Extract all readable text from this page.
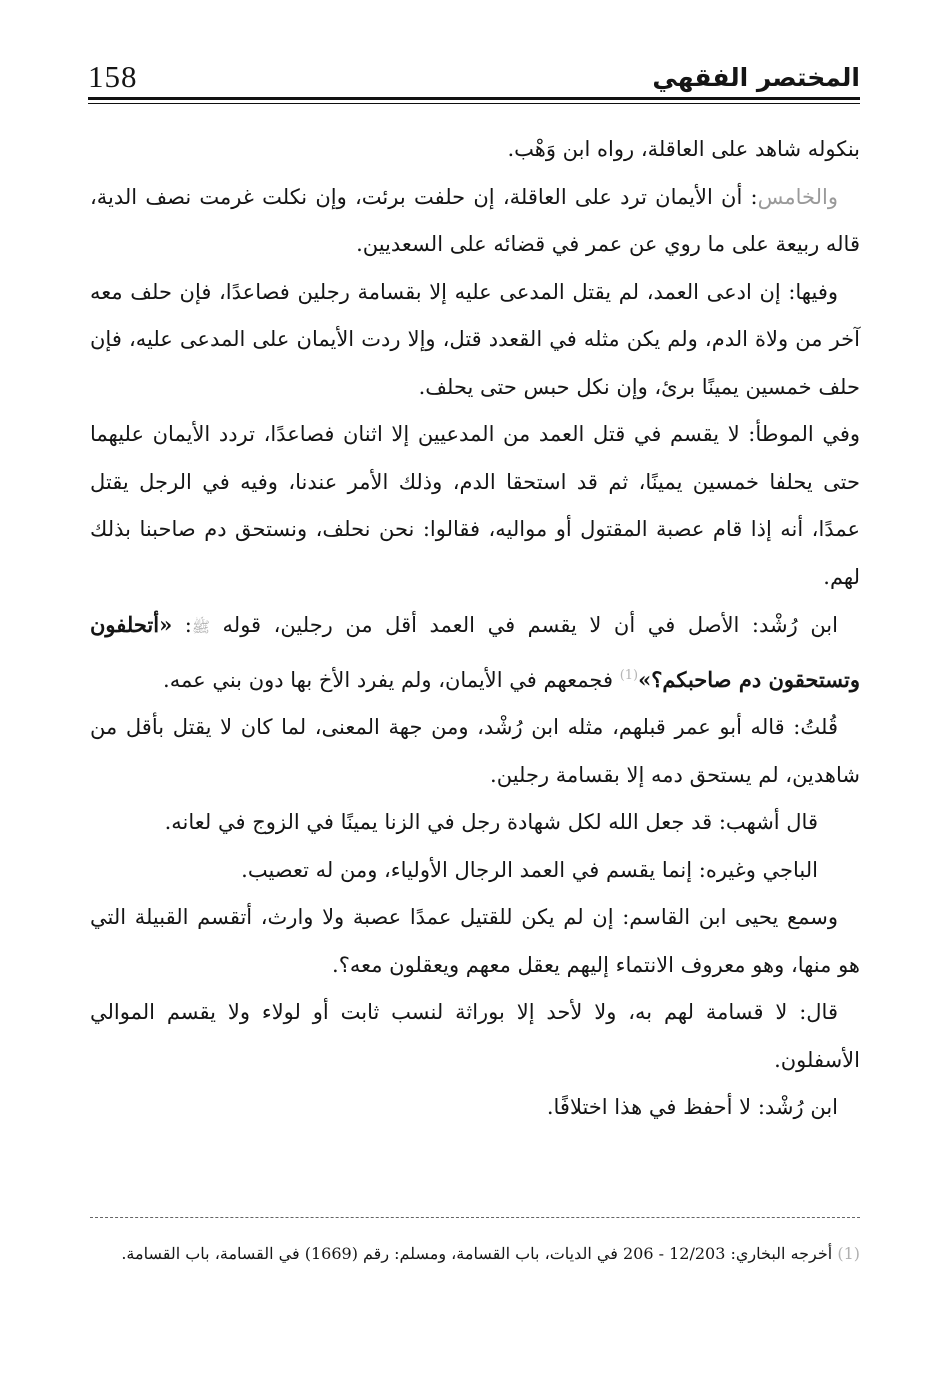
158	المختصر الفقهي

بنكوله شاهد على العاقلة، رواه ابن وَهْب.

والخامس: أن الأيمان ترد على العاقلة، إن حلفت برئت، وإن نكلت غرمت نصف الدية، قاله ربيعة على ما روي عن عمر في قضائه على السعديين.

وفيها: إن ادعى العمد، لم يقتل المدعى عليه إلا بقسامة رجلين فصاعدًا، فإن حلف معه آخر من ولاة الدم، ولم يكن مثله في القعدد قتل، وإلا ردت الأيمان على المدعى عليه، فإن حلف خمسين يمينًا برئ، وإن نكل حبس حتى يحلف.

وفي الموطأ: لا يقسم في قتل العمد من المدعيين إلا اثنان فصاعدًا، تردد الأيمان عليهما حتى يحلفا خمسين يمينًا، ثم قد استحقا الدم، وذلك الأمر عندنا، وفيه في الرجل يقتل عمدًا، أنه إذا قام عصبة المقتول أو مواليه، فقالوا: نحن نحلف، ونستحق دم صاحبنا بذلك لهم.

ابن رُشْد: الأصل في أن لا يقسم في العمد أقل من رجلين، قوله ﷺ: «أتحلفون وتستحقون دم صاحبكم؟»$^{(1)}$ فجمعهم في الأيمان، ولم يفرد الأخ بها دون بني عمه.

قُلتُ: قاله أبو عمر قبلهم، مثله ابن رُشْد، ومن جهة المعنى، لما كان لا يقتل بأقل من شاهدين، لم يستحق دمه إلا بقسامة رجلين.

قال أشهب: قد جعل الله لكل شهادة رجل في الزنا يمينًا في الزوج في لعانه.

الباجي وغيره: إنما يقسم في العمد الرجال الأولياء، ومن له تعصيب.

وسمع يحيى ابن القاسم: إن لم يكن للقتيل عمدًا عصبة ولا وارث، أتقسم القبيلة التي هو منها، وهو معروف الانتماء إليهم يعقل معهم ويعقلون معه؟.

قال: لا قسامة لهم به، ولا لأحد إلا بوراثة لنسب ثابت أو لولاء ولا يقسم الموالي الأسفلون.

ابن رُشْد: لا أحفظ في هذا اختلافًا.

(1) أخرجه البخاري: 12/203 - 206 في الديات، باب القسامة، ومسلم: رقم (1669) في القسامة، باب القسامة.
